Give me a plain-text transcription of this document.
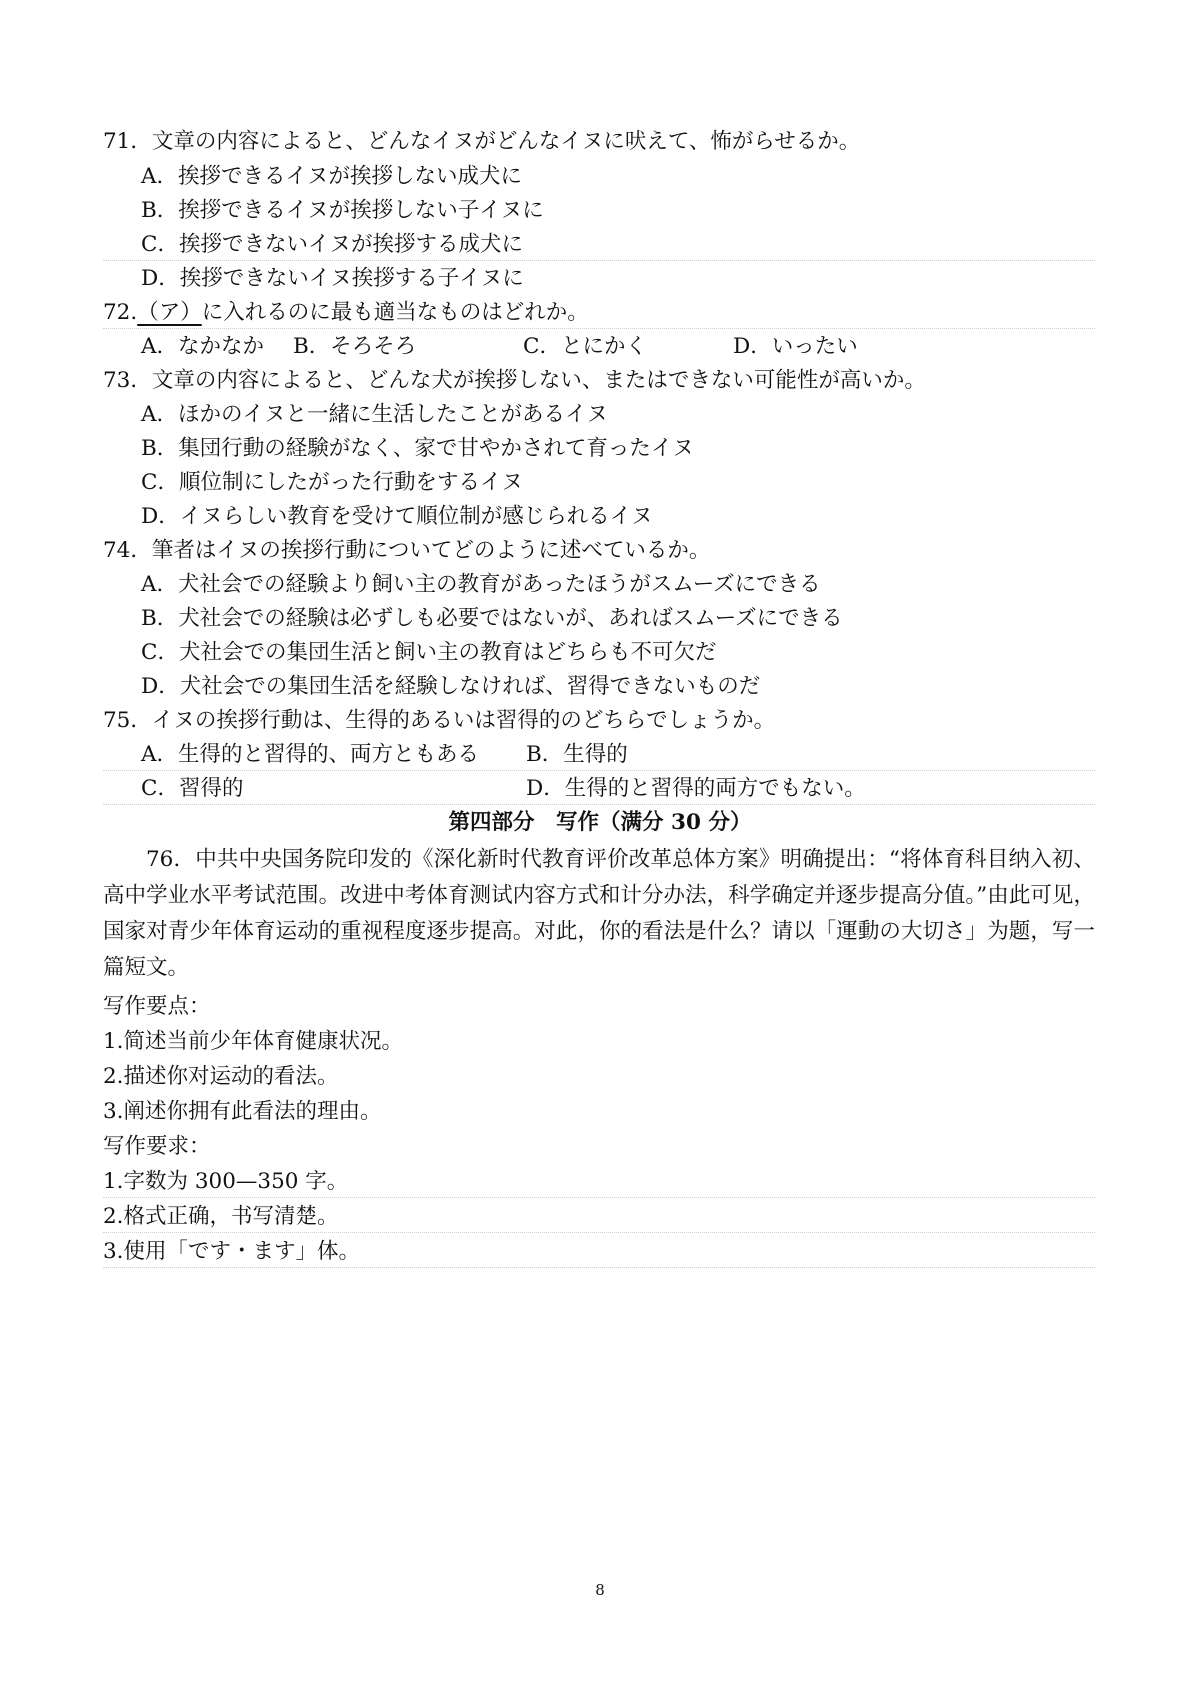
71．文章の内容によると、どんなイヌがどんなイヌに吠えて、怖がらせるか。
A．挨拶できるイヌが挨拶しない成犬に
B．挨拶できるイヌが挨拶しない子イヌに
C．挨拶できないイヌが挨拶する成犬に
D．挨拶できないイヌ挨拶する子イヌに
72.（ア）に入れるのに最も適当なものはどれか。
A．なかなか B．そろそろ	C．とにかく	D．いったい
73．文章の内容によると、どんな犬が挨拶しない、またはできない可能性が高いか。
A．ほかのイヌと一緒に生活したことがあるイヌ
B．集団行動の経験がなく、家で甘やかされて育ったイヌ
C．順位制にしたがった行動をするイヌ
D．イヌらしい教育を受けて順位制が感じられるイヌ
74．筆者はイヌの挨拶行動についてどのように述べているか。
A．犬社会での経験より飼い主の教育があったほうがスムーズにできる
B．犬社会での経験は必ずしも必要ではないが、あればスムーズにできる
C．犬社会での集団生活と飼い主の教育はどちらも不可欠だ
D．犬社会での集団生活を経験しなければ、習得できないものだ
75．イヌの挨拶行動は、生得的あるいは習得的のどちらでしょうか。
A．生得的と習得的、両方ともある B．生得的
C．習得的	D．生得的と習得的両方でもない。
第四部分　写作（满分 30 分）
76．中共中央国务院印发的《深化新时代教育评价改革总体方案》明确提出：“将体育科目纳入初、高中学业水平考试范围。改进中考体育测试内容方式和计分办法，科学确定并逐步提高分值。”由此可见，国家对青少年体育运动的重视程度逐步提高。对此，你的看法是什么？请以「運動の大切さ」为题，写一篇短文。
写作要点：
1.简述当前少年体育健康状况。
2.描述你对运动的看法。
3.阐述你拥有此看法的理由。
写作要求：
1.字数为 300—350 字。
2.格式正确，书写清楚。
3.使用「です・ます」体。
8
